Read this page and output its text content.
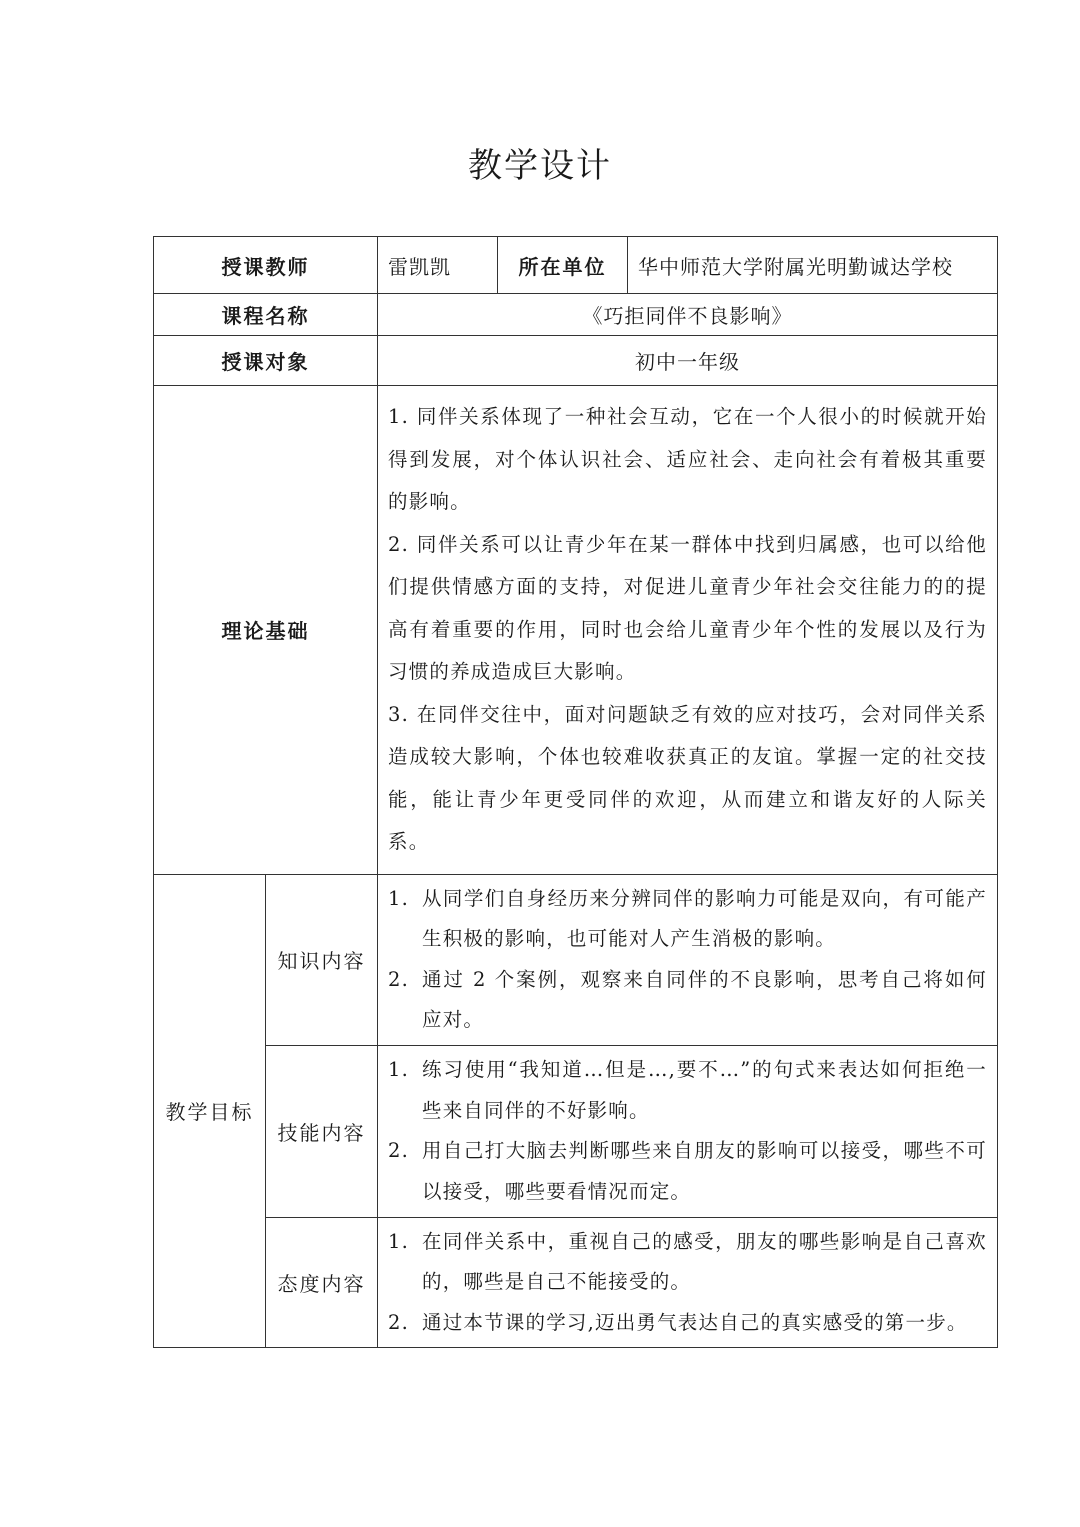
教学设计
授课教师		雷凯凯	所在单位	华中师范大学附属光明勤诚达学校
课程名称		《巧拒同伴不良影响》		
授课对象		初中一年级		
理论基础		1. 同伴关系体现了一种社会互动，它在一个人很小的时候就开始得到发展，对个体认识社会、适应社会、走向社会有着极其重要的影响。

2. 同伴关系可以让青少年在某一群体中找到归属感，也可以给他们提供情感方面的支持，对促进儿童青少年社会交往能力的的提高有着重要的作用，同时也会给儿童青少年个性的发展以及行为习惯的养成造成巨大影响。

3. 在同伴交往中，面对问题缺乏有效的应对技巧，会对同伴关系造成较大影响，个体也较难收获真正的友谊。掌握一定的社交技能，能让青少年更受同伴的欢迎，从而建立和谐友好的人际关系。		

教学目标	知识内容	1. 从同学们自身经历来分辨同伴的影响力可能是双向，有可能产生积极的影响，也可能对人产生消极的影响。
2. 通过 2 个案例，观察来自同伴的不良影响，思考自己将如何应对。		

	技能内容	1. 练习使用“我知道…但是…,要不…”的句式来表达如何拒绝一些来自同伴的不好影响。
2. 用自己打大脑去判断哪些来自朋友的影响可以接受，哪些不可以接受，哪些要看情况而定。		

	态度内容	1. 在同伴关系中，重视自己的感受，朋友的哪些影响是自己喜欢的，哪些是自己不能接受的。
2. 通过本节课的学习,迈出勇气表达自己的真实感受的第一步。		
